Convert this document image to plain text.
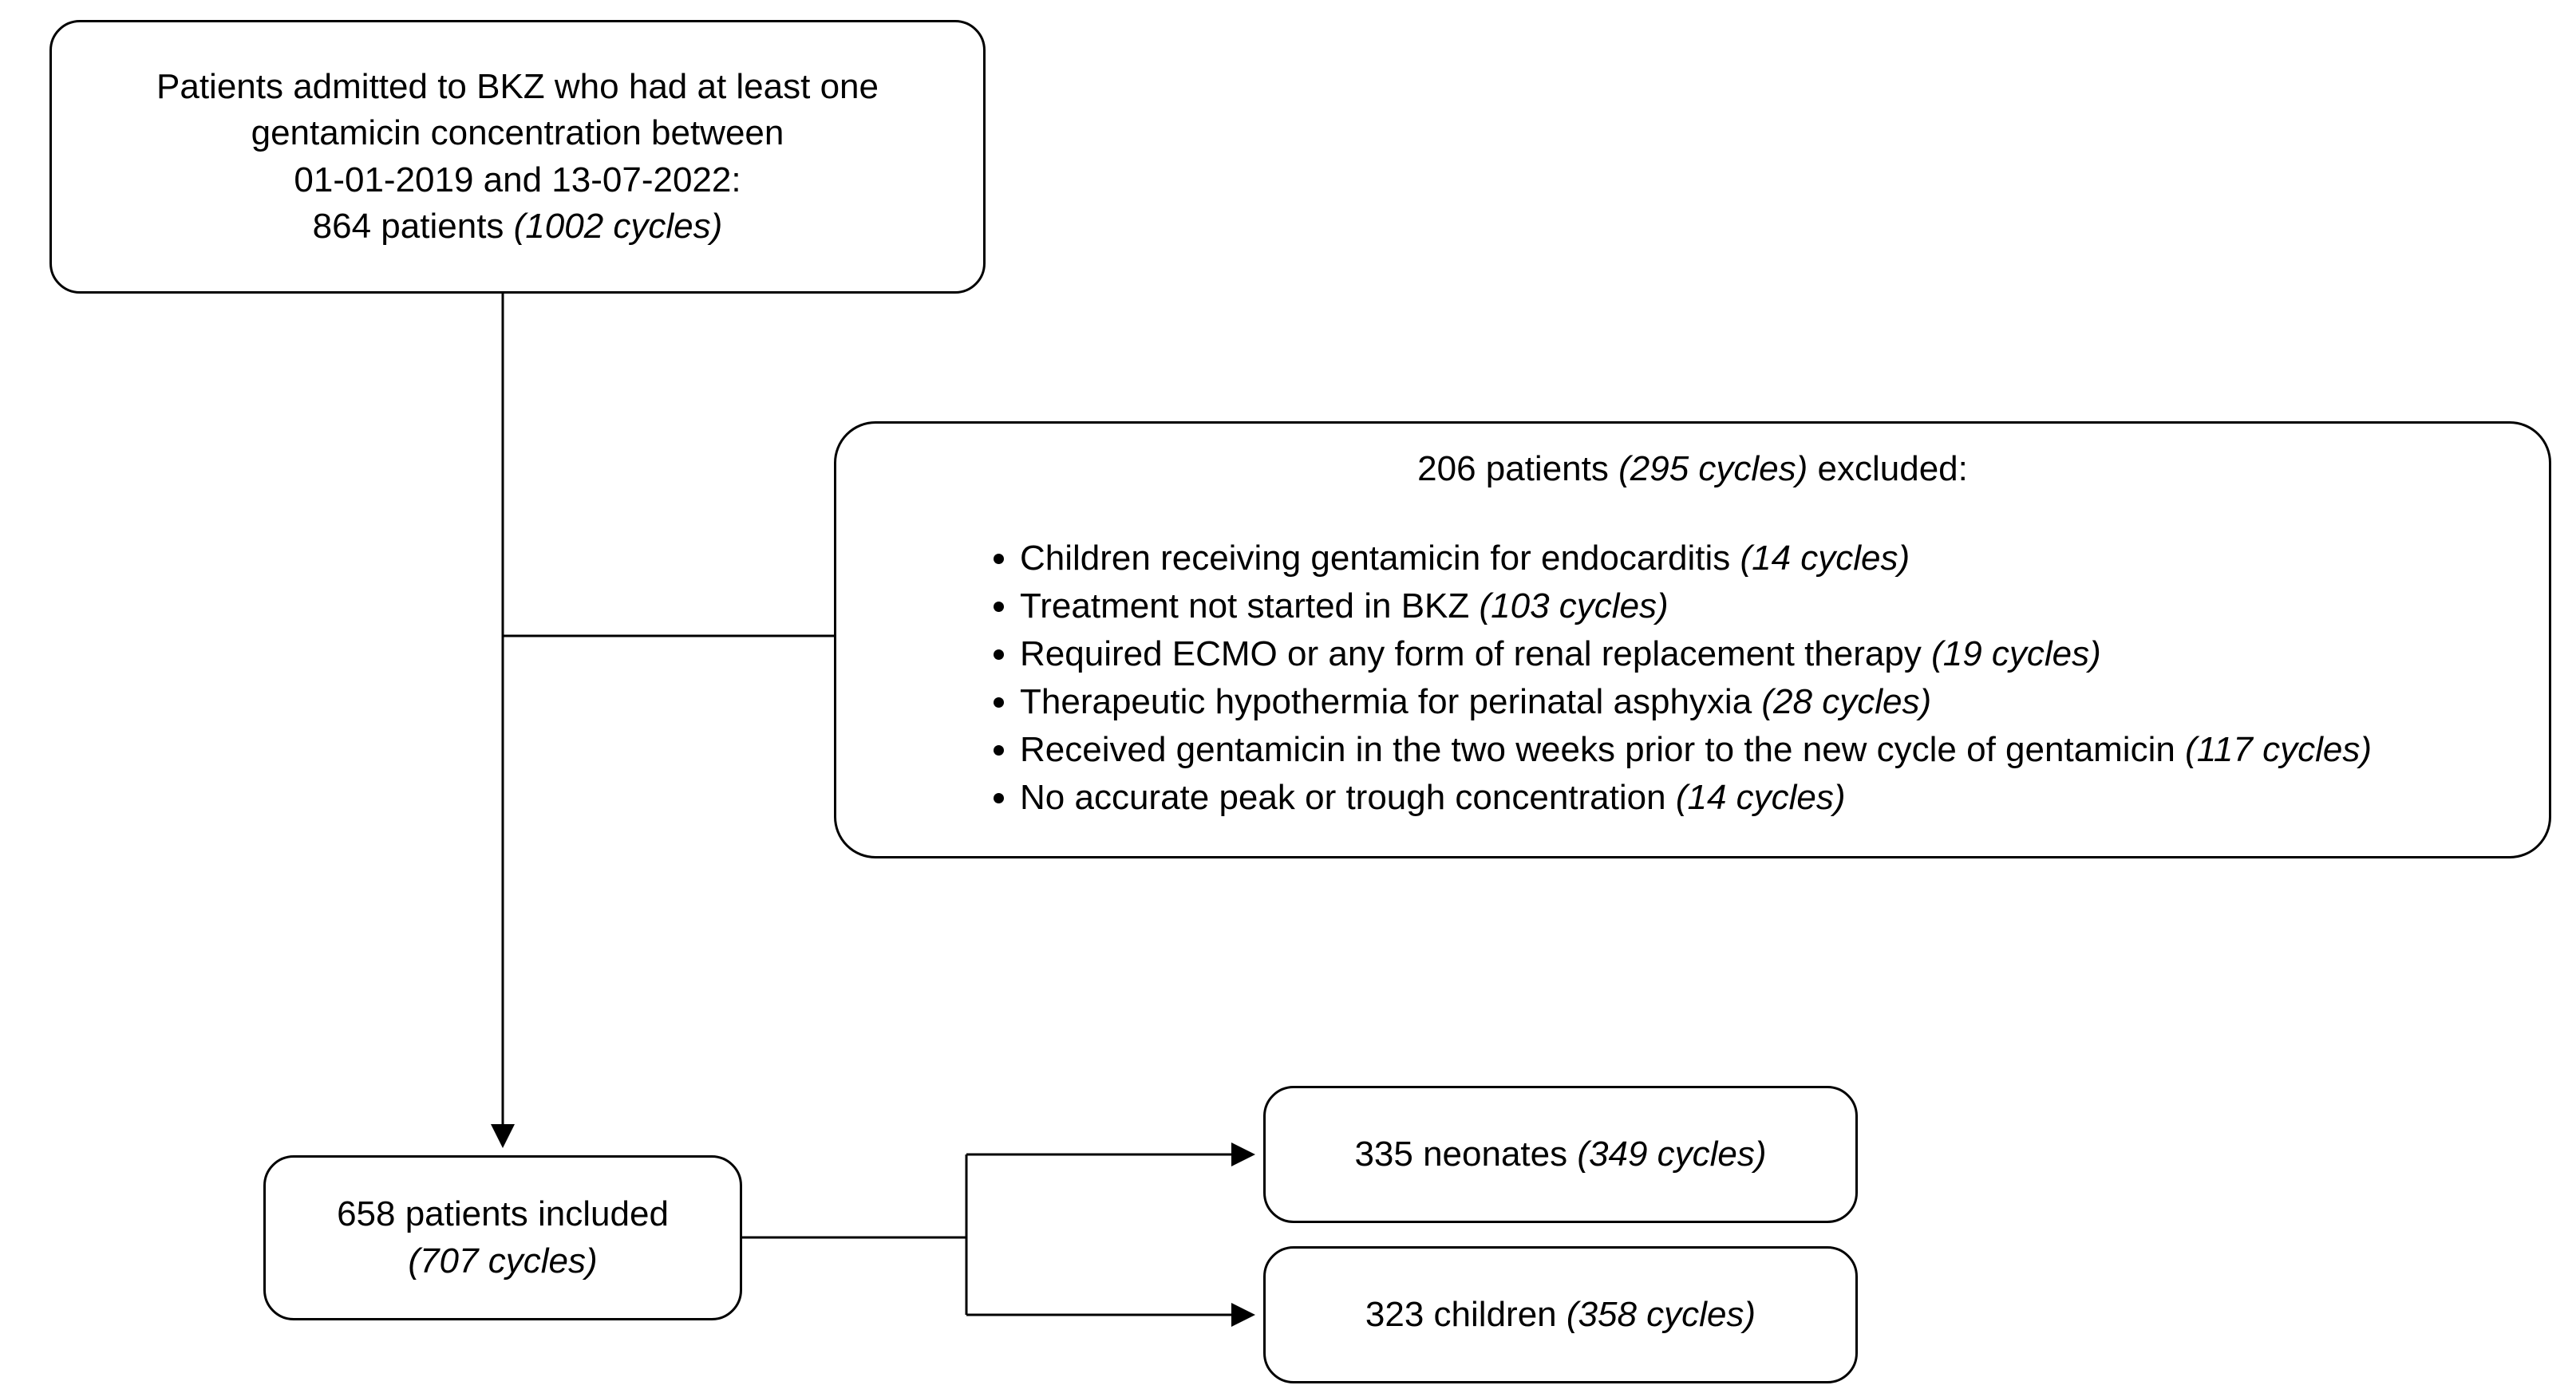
Patients admitted to BKZ who had at least one
gentamicin concentration between
01-01-2019 and 13-07-2022:
864 patients (1002 cycles)
206 patients (295 cycles) excluded:
• Children receiving gentamicin for endocarditis (14 cycles)
• Treatment not started in BKZ (103 cycles)
• Required ECMO or any form of renal replacement therapy (19 cycles)
• Therapeutic hypothermia for perinatal asphyxia (28 cycles)
• Received gentamicin in the two weeks prior to the new cycle of gentamicin (117 cycles)
• No accurate peak or trough concentration (14 cycles)
658 patients included
(707 cycles)
335 neonates (349 cycles)
323 children (358 cycles)
